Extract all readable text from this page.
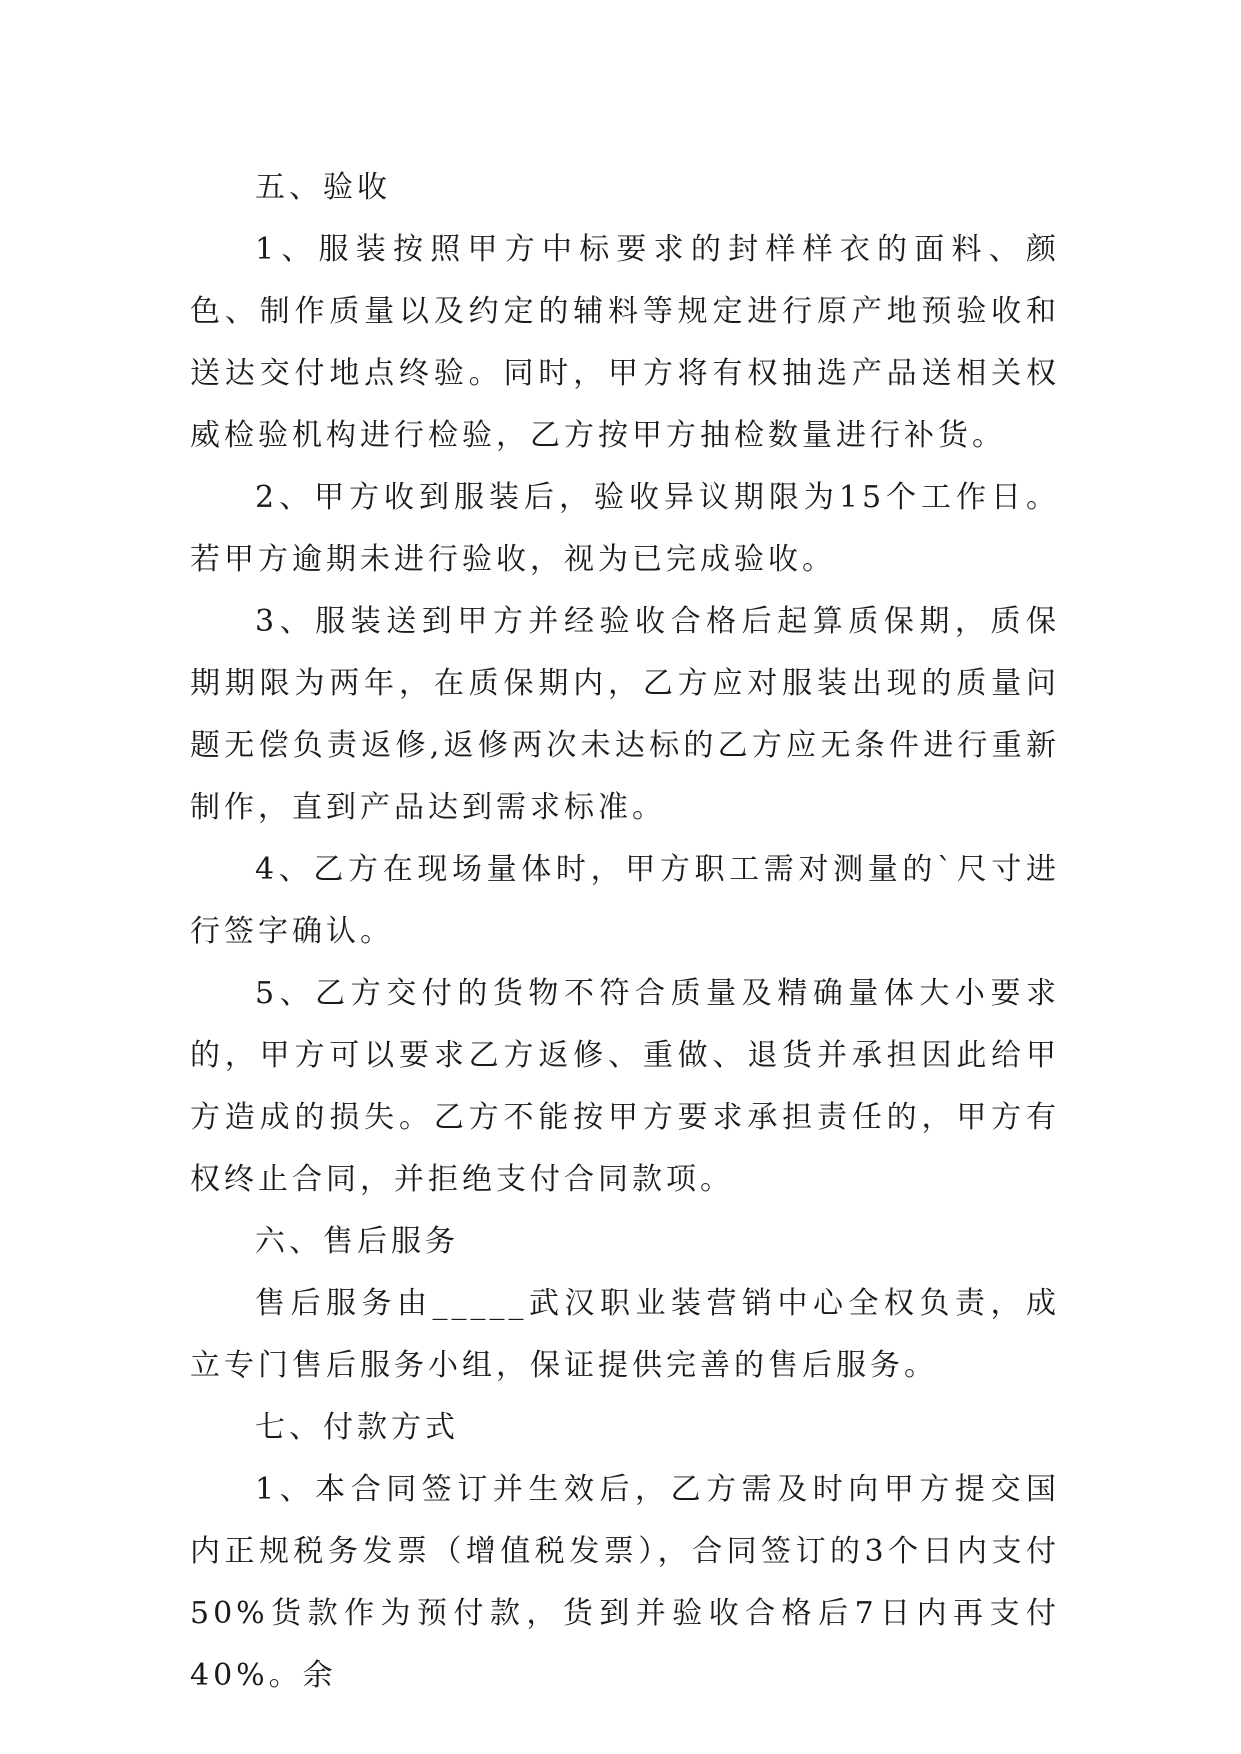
五、验收

1、服装按照甲方中标要求的封样样衣的面料、颜色、制作质量以及约定的辅料等规定进行原产地预验收和送达交付地点终验。同时，甲方将有权抽选产品送相关权威检验机构进行检验，乙方按甲方抽检数量进行补货。

2、甲方收到服装后，验收异议期限为15个工作日。若甲方逾期未进行验收，视为已完成验收。

3、服装送到甲方并经验收合格后起算质保期，质保期期限为两年，在质保期内，乙方应对服装出现的质量问题无偿负责返修,返修两次未达标的乙方应无条件进行重新制作，直到产品达到需求标准。

4、乙方在现场量体时，甲方职工需对测量的`尺寸进行签字确认。

5、乙方交付的货物不符合质量及精确量体大小要求的，甲方可以要求乙方返修、重做、退货并承担因此给甲方造成的损失。乙方不能按甲方要求承担责任的，甲方有权终止合同，并拒绝支付合同款项。

六、售后服务

售后服务由_____武汉职业装营销中心全权负责，成立专门售后服务小组，保证提供完善的售后服务。

七、付款方式

1、本合同签订并生效后，乙方需及时向甲方提交国内正规税务发票（增值税发票），合同签订的3个日内支付50%货款作为预付款，货到并验收合格后7日内再支付40%。余
